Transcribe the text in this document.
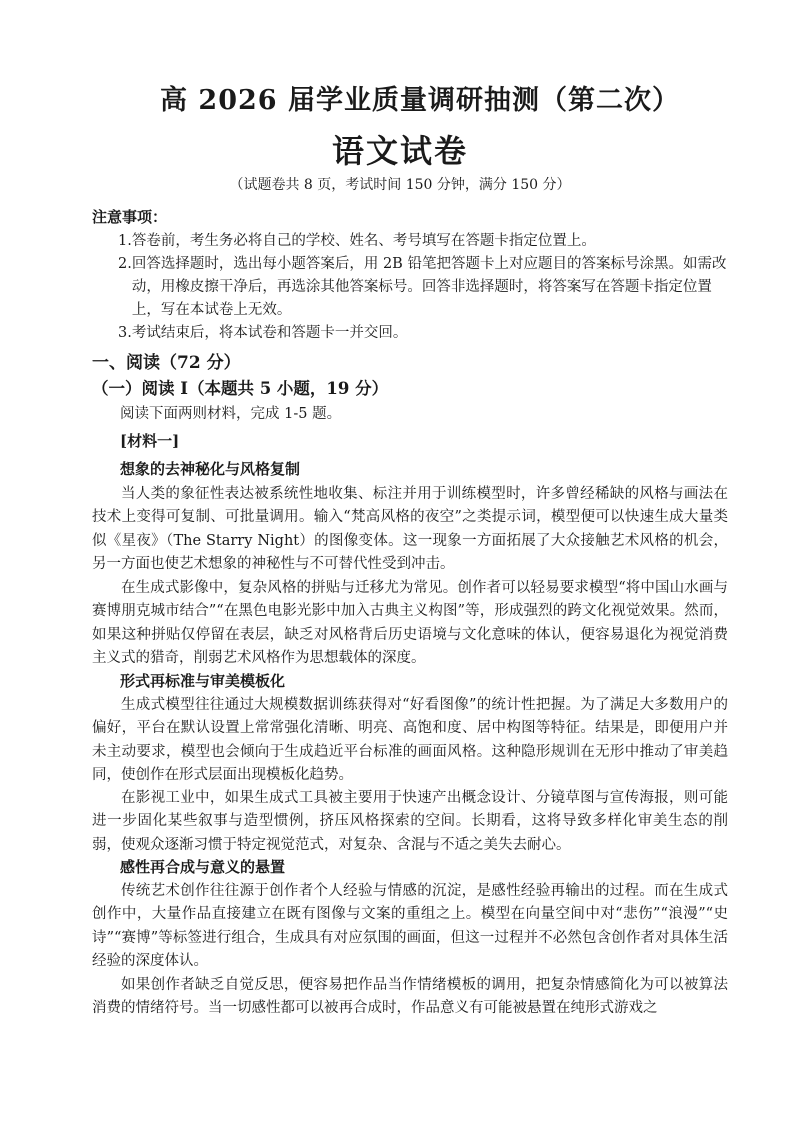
高 2026 届学业质量调研抽测（第二次）
语文试卷
（试题卷共 8 页，考试时间 150 分钟，满分 150 分）
注意事项：
1. 答卷前，考生务必将自己的学校、姓名、考号填写在答题卡指定位置上。
2. 回答选择题时，选出每小题答案后，用 2B 铅笔把答题卡上对应题目的答案标号涂黑。如需改动，用橡皮擦干净后，再选涂其他答案标号。回答非选择题时，将答案写在答题卡指定位置上，写在本试卷上无效。
3. 考试结束后，将本试卷和答题卡一并交回。
一、阅读（72 分）
（一）阅读 I（本题共 5 小题，19 分）
阅读下面两则材料，完成 1-5 题。
[材料一]
想象的去神秘化与风格复制
当人类的象征性表达被系统性地收集、标注并用于训练模型时，许多曾经稀缺的风格与画法在技术上变得可复制、可批量调用。输入“梵高风格的夜空”之类提示词，模型便可以快速生成大量类似《星夜》（The Starry Night）的图像变体。这一现象一方面拓展了大众接触艺术风格的机会，另一方面也使艺术想象的神秘性与不可替代性受到冲击。
在生成式影像中，复杂风格的拼贴与迁移尤为常见。创作者可以轻易要求模型“将中国山水画与赛博朋克城市结合”“在黑色电影光影中加入古典主义构图”等，形成强烈的跨文化视觉效果。然而，如果这种拼贴仅停留在表层，缺乏对风格背后历史语境与文化意味的体认，便容易退化为视觉消费主义式的猎奇，削弱艺术风格作为思想载体的深度。
形式再标准与审美模板化
生成式模型往往通过大规模数据训练获得对“好看图像”的统计性把握。为了满足大多数用户的偏好，平台在默认设置上常常强化清晰、明亮、高饱和度、居中构图等特征。结果是，即便用户并未主动要求，模型也会倾向于生成趋近平台标准的画面风格。这种隐形规训在无形中推动了审美趋同，使创作在形式层面出现模板化趋势。
在影视工业中，如果生成式工具被主要用于快速产出概念设计、分镜草图与宣传海报，则可能进一步固化某些叙事与造型惯例，挤压风格探索的空间。长期看，这将导致多样化审美生态的削弱，使观众逐渐习惯于特定视觉范式，对复杂、含混与不适之美失去耐心。
感性再合成与意义的悬置
传统艺术创作往往源于创作者个人经验与情感的沉淀，是感性经验再输出的过程。而在生成式创作中，大量作品直接建立在既有图像与文案的重组之上。模型在向量空间中对“悲伤”“浪漫”“史诗”“赛博”等标签进行组合，生成具有对应氛围的画面，但这一过程并不必然包含创作者对具体生活经验的深度体认。
如果创作者缺乏自觉反思，便容易把作品当作情绪模板的调用，把复杂情感简化为可以被算法消费的情绪符号。当一切感性都可以被再合成时，作品意义有可能被悬置在纯形式游戏之
